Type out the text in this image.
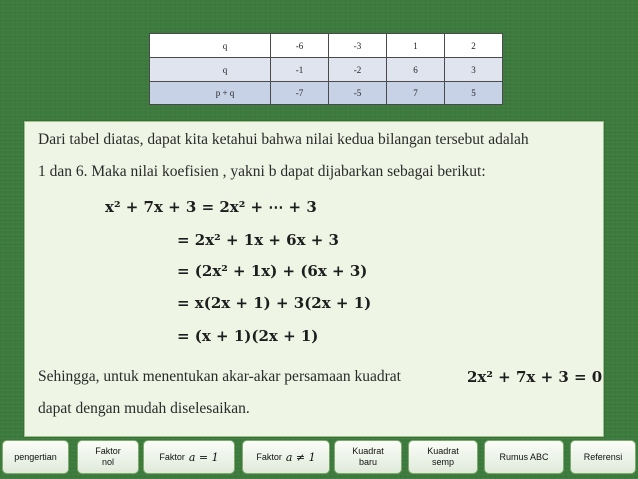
q	-6	-3	1	2
q	-1	-2	6	3
p + q	-7	-5	7	5

Dari tabel diatas, dapat kita ketahui bahwa nilai kedua bilangan tersebut adalah

1 dan 6. Maka nilai koefisien , yakni b dapat dijabarkan sebagai berikut:

x² + 7x + 3 = 2x² + ⋯ + 3

= 2x² + 1x + 6x + 3

= (2x² + 1x) + (6x + 3)

= x(2x + 1) + 3(2x + 1)

= (x + 1)(2x + 1)

Sehingga, untuk menentukan akar-akar persamaan kuadrat	2x² + 7x + 3 = 0

dapat dengan mudah diselesaikan.

pengertian
Faktor
nol
Faktor a = 1	Faktor a ≠ 1	Kuadrat
baru
Kuadrat
semp
Rumus ABC	Referensi
